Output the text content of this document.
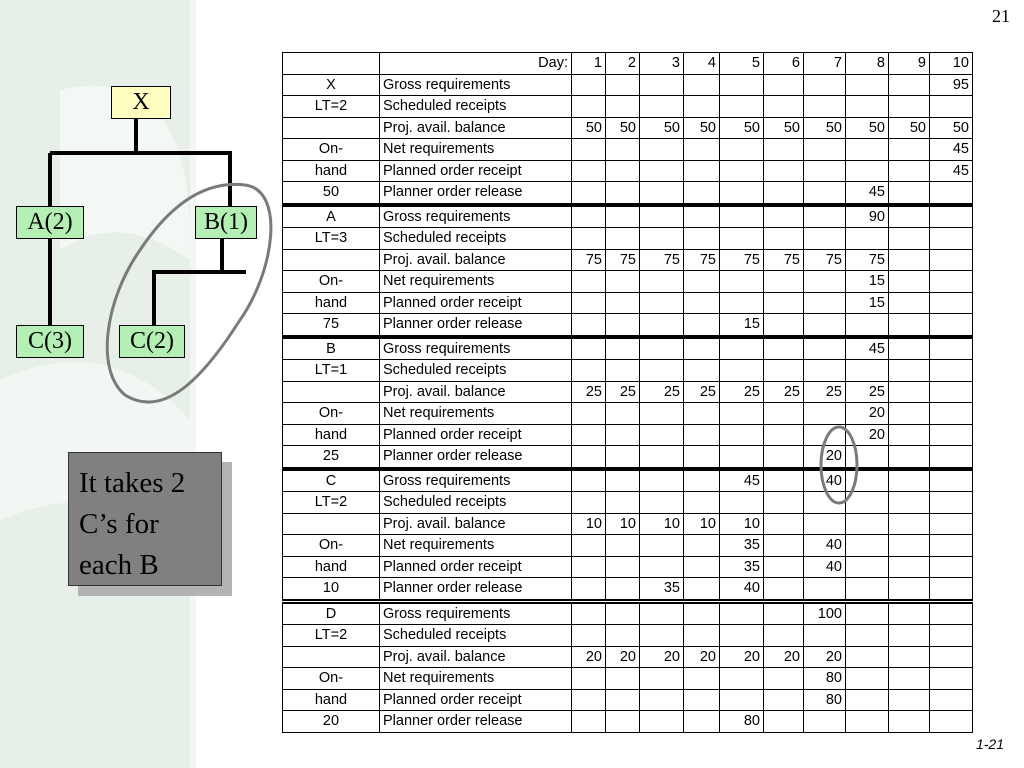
21
X
A(2)	B(1)
C(3)	C(2)
It takes 2
C’s for
each B
	Day:	1	2	3	4	5	6	7	8	9	10
X	Gross requirements										95
LT=2	Scheduled receipts										
	Proj. avail. balance	50	50	50	50	50	50	50	50	50	50
On-	Net requirements										45
hand	Planned order receipt										45
50	Planner order release								45		
A	Gross requirements								90		
LT=3	Scheduled receipts										
	Proj. avail. balance	75	75	75	75	75	75	75	75		
On-	Net requirements								15		
hand	Planned order receipt								15		
75	Planner order release					15					
B	Gross requirements								45		
LT=1	Scheduled receipts										
	Proj. avail. balance	25	25	25	25	25	25	25	25		
On-	Net requirements								20		
hand	Planned order receipt								20		
25	Planner order release							20			
C	Gross requirements					45		40			
LT=2	Scheduled receipts										
	Proj. avail. balance	10	10	10	10	10					
On-	Net requirements					35		40			
hand	Planned order receipt					35		40			
10	Planner order release			35		40					
D	Gross requirements							100			
LT=2	Scheduled receipts										
	Proj. avail. balance	20	20	20	20	20	20	20			
On-	Net requirements							80			
hand	Planned order receipt							80			
20	Planner order release					80					
1-21
